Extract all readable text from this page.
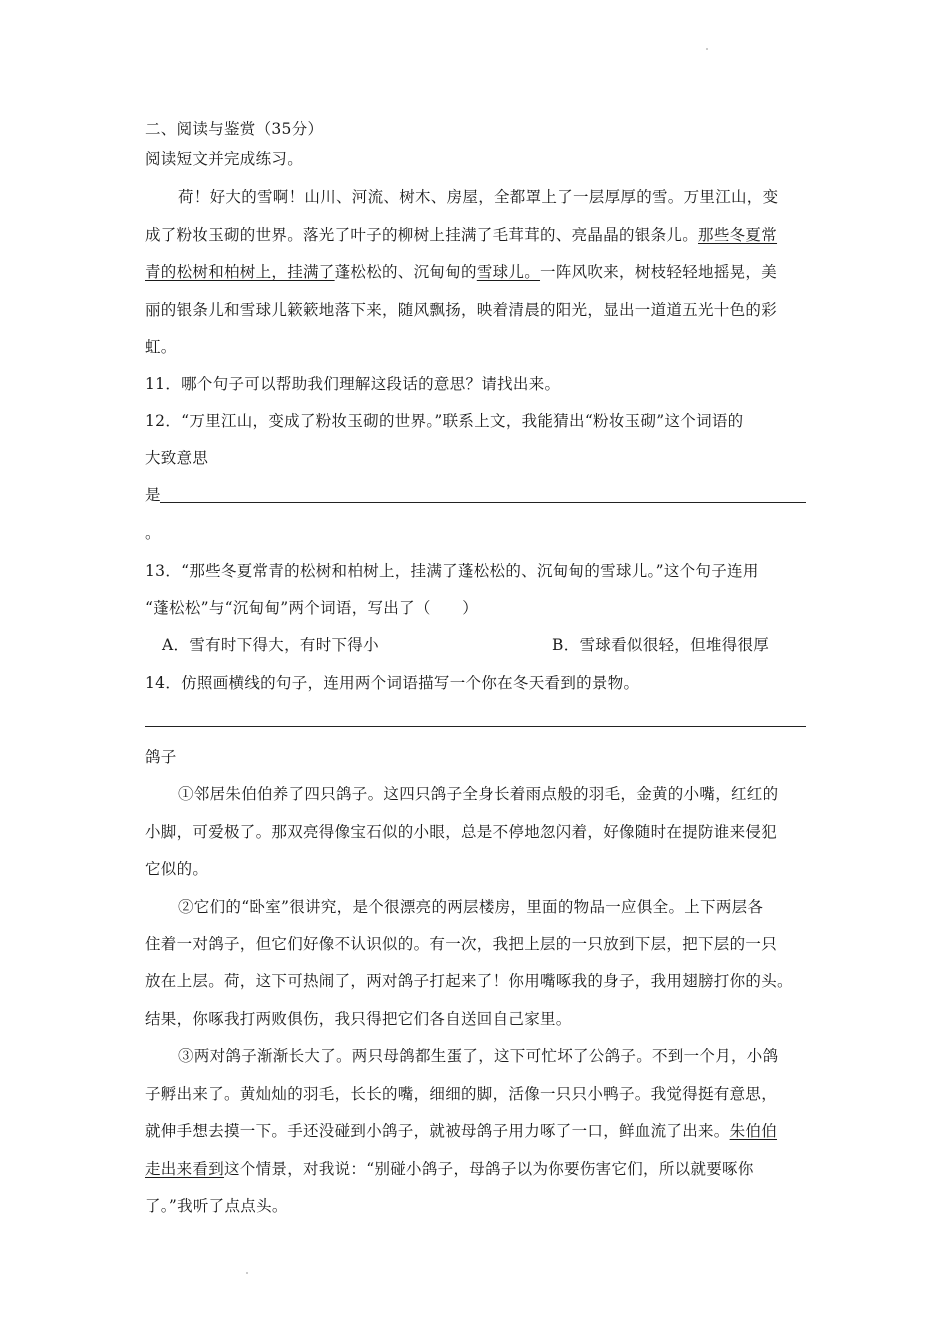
二、阅读与鉴赏（35分）
阅读短文并完成练习。
荷！好大的雪啊！山川、河流、树木、房屋，全都罩上了一层厚厚的雪。万里江山，变
成了粉妆玉砌的世界。落光了叶子的柳树上挂满了毛茸茸的、亮晶晶的银条儿。那些冬夏常
青的松树和柏树上，挂满了蓬松松的、沉甸甸的雪球儿。一阵风吹来，树枝轻轻地摇晃，美
丽的银条儿和雪球儿簌簌地落下来，随风飘扬，映着清晨的阳光，显出一道道五光十色的彩
虹。
11．哪个句子可以帮助我们理解这段话的意思？请找出来。
12．“万里江山，变成了粉妆玉砌的世界。”联系上文，我能猜出“粉妆玉砌”这个词语的
大致意思
是
。
13．“那些冬夏常青的松树和柏树上，挂满了蓬松松的、沉甸甸的雪球儿。”这个句子连用
“蓬松松”与“沉甸甸”两个词语，写出了（　　）
A．雪有时下得大，有时下得小	B．雪球看似很轻，但堆得很厚
14．仿照画横线的句子，连用两个词语描写一个你在冬天看到的景物。
鸽子
①邻居朱伯伯养了四只鸽子。这四只鸽子全身长着雨点般的羽毛，金黄的小嘴，红红的
小脚，可爱极了。那双亮得像宝石似的小眼，总是不停地忽闪着，好像随时在提防谁来侵犯
它似的。
②它们的“卧室”很讲究，是个很漂亮的两层楼房，里面的物品一应俱全。上下两层各
住着一对鸽子，但它们好像不认识似的。有一次，我把上层的一只放到下层，把下层的一只
放在上层。荷，这下可热闹了，两对鸽子打起来了！你用嘴啄我的身子，我用翅膀打你的头。
结果，你啄我打两败俱伤，我只得把它们各自送回自己家里。
③两对鸽子渐渐长大了。两只母鸽都生蛋了，这下可忙坏了公鸽子。不到一个月，小鸽
子孵出来了。黄灿灿的羽毛，长长的嘴，细细的脚，活像一只只小鸭子。我觉得挺有意思，
就伸手想去摸一下。手还没碰到小鸽子，就被母鸽子用力啄了一口，鲜血流了出来。朱伯伯
走出来看到这个情景，对我说：“别碰小鸽子，母鸽子以为你要伤害它们，所以就要啄你
了。”我听了点点头。
